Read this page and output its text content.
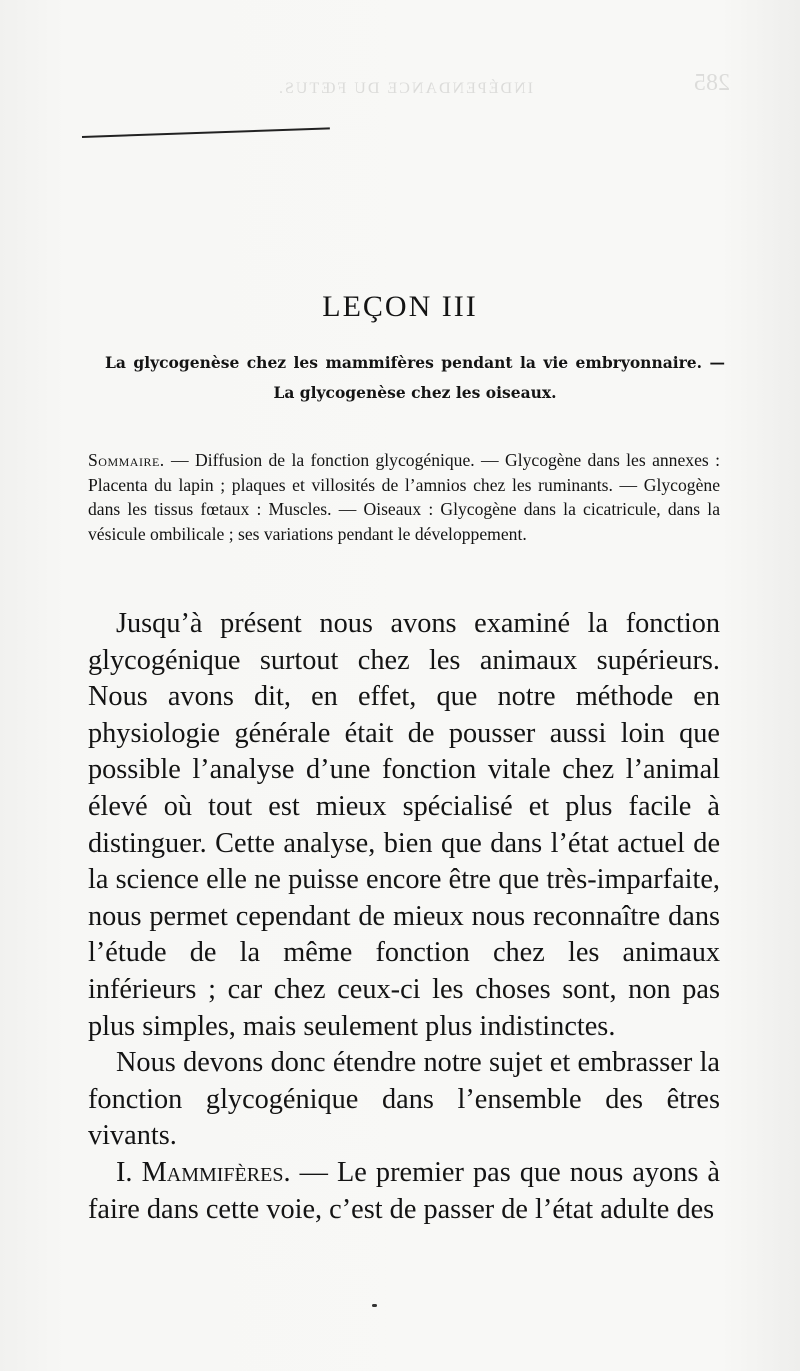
INDÉPENDANCE DU FŒTUS.	285
LEÇON III
La glycogenèse chez les mammifères pendant la vie embryonnaire. — La glycogenèse chez les oiseaux.
Sommaire. — Diffusion de la fonction glycogénique. — Glycogène dans les annexes : Placenta du lapin ; plaques et villosités de l’amnios chez les ruminants. — Glycogène dans les tissus fœtaux : Muscles. — Oiseaux : Glycogène dans la cicatricule, dans la vésicule ombilicale ; ses variations pendant le développement.

Jusqu’à présent nous avons examiné la fonction glycogénique surtout chez les animaux supérieurs. Nous avons dit, en effet, que notre méthode en physiologie générale était de pousser aussi loin que possible l’analyse d’une fonction vitale chez l’animal élevé où tout est mieux spécialisé et plus facile à distinguer. Cette analyse, bien que dans l’état actuel de la science elle ne puisse encore être que très-imparfaite, nous permet cependant de mieux nous reconnaître dans l’étude de la même fonction chez les animaux inférieurs ; car chez ceux-ci les choses sont, non pas plus simples, mais seulement plus indistinctes.

Nous devons donc étendre notre sujet et embrasser la fonction glycogénique dans l’ensemble des êtres vivants.

I. Mammifères. — Le premier pas que nous ayons à faire dans cette voie, c’est de passer de l’état adulte des
